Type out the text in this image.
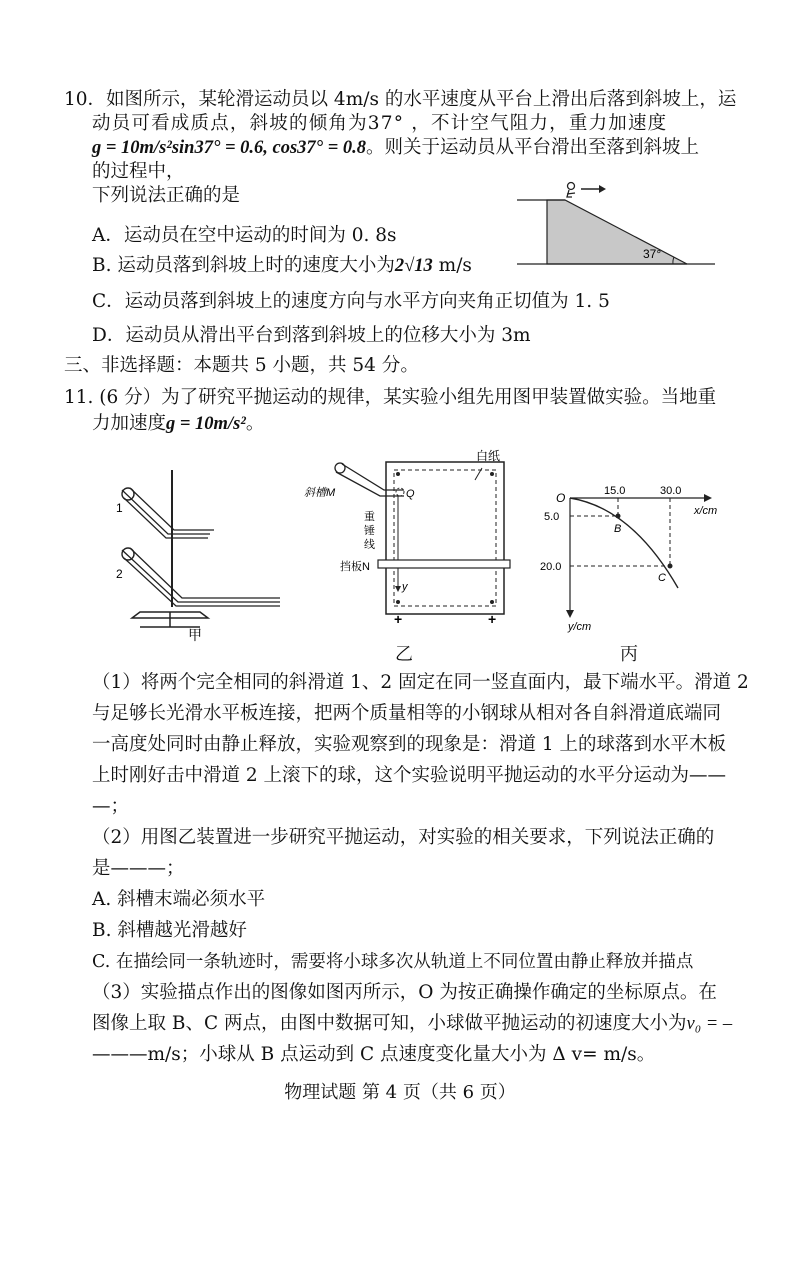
10．如图所示，某轮滑运动员以 4m/s 的水平速度从平台上滑出后落到斜坡上，运
动员可看成质点，斜坡的倾角为37° ，不计空气阻力，重力加速度
g = 10m/s²sin37° = 0.6, cos37° = 0.8。则关于运动员从平台滑出至落到斜坡上
的过程中，
下列说法正确的是
A．运动员在空中运动的时间为 0. 8s
B. 运动员落到斜坡上时的速度大小为2√13 m/s
C．运动员落到斜坡上的速度方向与水平方向夹角正切值为 1. 5
D．运动员从滑出平台到落到斜坡上的位移大小为 3m
37°
三、非选择题：本题共 5 小题，共 54 分。
11. (6 分）为了研究平抛运动的规律，某实验小组先用图甲装置做实验。当地重
力加速度g = 10m/s²。
1
2
甲
白纸
斜槽M	Q
y
重
锤
线
挡板N
+	+
乙
O	15.0	30.0
x/cm
5.0
20.0
y/cm
B
C
丙
（1）将两个完全相同的斜滑道 1、2 固定在同一竖直面内，最下端水平。滑道 2
与足够长光滑水平板连接，把两个质量相等的小钢球从相对各自斜滑道底端同
一高度处同时由静止释放，实验观察到的现象是：滑道 1 上的球落到水平木板
上时刚好击中滑道 2 上滚下的球，这个实验说明平抛运动的水平分运动为——
—；
（2）用图乙装置进一步研究平抛运动，对实验的相关要求，下列说法正确的
是———；
A. 斜槽末端必须水平
B. 斜槽越光滑越好
C. 在描绘同一条轨迹时，需要将小球多次从轨道上不同位置由静止释放并描点
（3）实验描点作出的图像如图丙所示，O 为按正确操作确定的坐标原点。在
图像上取 B、C 两点，由图中数据可知，小球做平抛运动的初速度大小为v₀ = –
———m/s；小球从 B 点运动到 C 点速度变化量大小为 Δ v= m/s。
物理试题 第 4 页（共 6 页）
